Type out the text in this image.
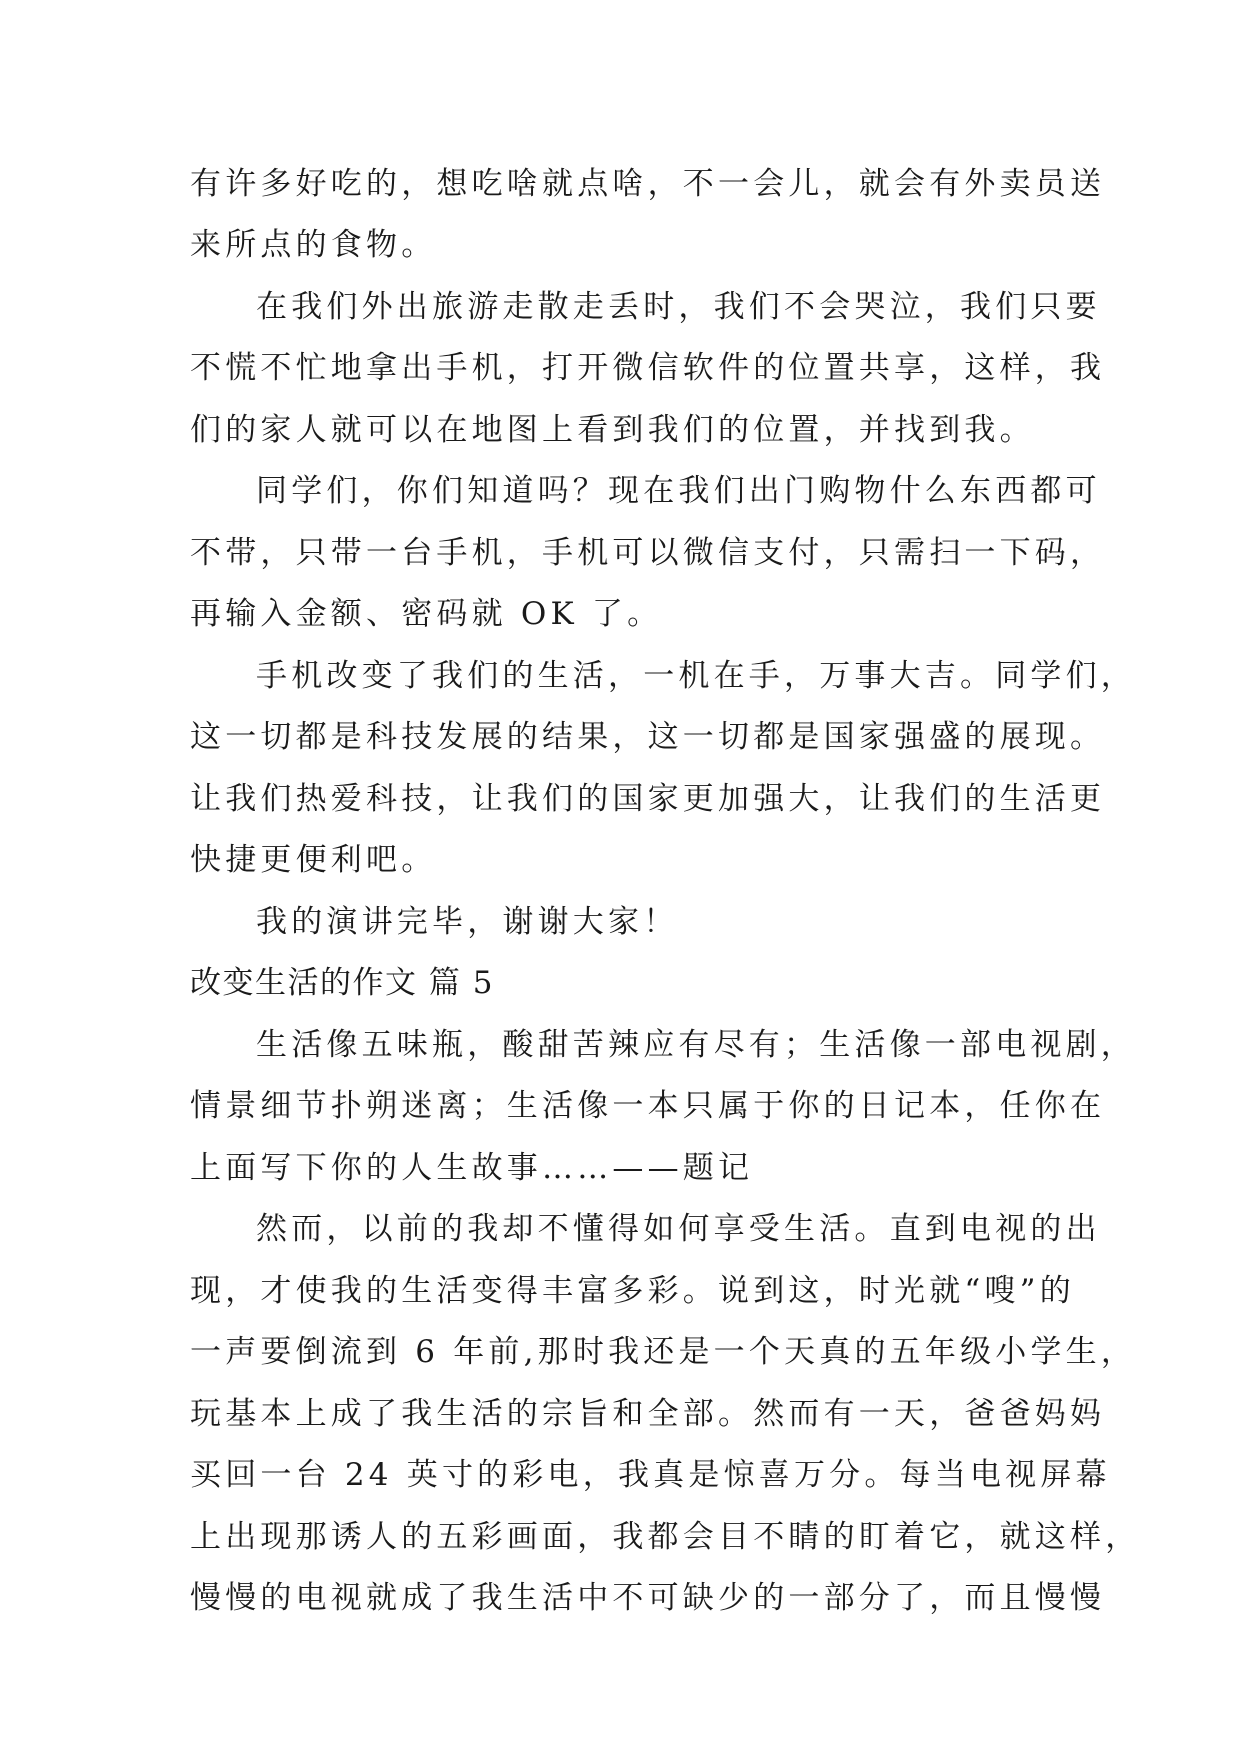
有许多好吃的，想吃啥就点啥，不一会儿，就会有外卖员送
来所点的食物。
在我们外出旅游走散走丢时，我们不会哭泣，我们只要
不慌不忙地拿出手机，打开微信软件的位置共享，这样，我
们的家人就可以在地图上看到我们的位置，并找到我。
同学们，你们知道吗？现在我们出门购物什么东西都可
不带，只带一台手机，手机可以微信支付，只需扫一下码，
再输入金额、密码就 OK 了。
手机改变了我们的生活，一机在手，万事大吉。同学们，
这一切都是科技发展的结果，这一切都是国家强盛的展现。
让我们热爱科技，让我们的国家更加强大，让我们的生活更
快捷更便利吧。
我的演讲完毕，谢谢大家！
改变生活的作文 篇 5
生活像五味瓶，酸甜苦辣应有尽有；生活像一部电视剧，
情景细节扑朔迷离；生活像一本只属于你的日记本，任你在
上面写下你的人生故事……——题记
然而，以前的我却不懂得如何享受生活。直到电视的出
现，才使我的生活变得丰富多彩。说到这，时光就“嗖”的
一声要倒流到 6 年前,那时我还是一个天真的五年级小学生，
玩基本上成了我生活的宗旨和全部。然而有一天，爸爸妈妈
买回一台 24 英寸的彩电，我真是惊喜万分。每当电视屏幕
上出现那诱人的五彩画面，我都会目不睛的盯着它，就这样，
慢慢的电视就成了我生活中不可缺少的一部分了，而且慢慢
